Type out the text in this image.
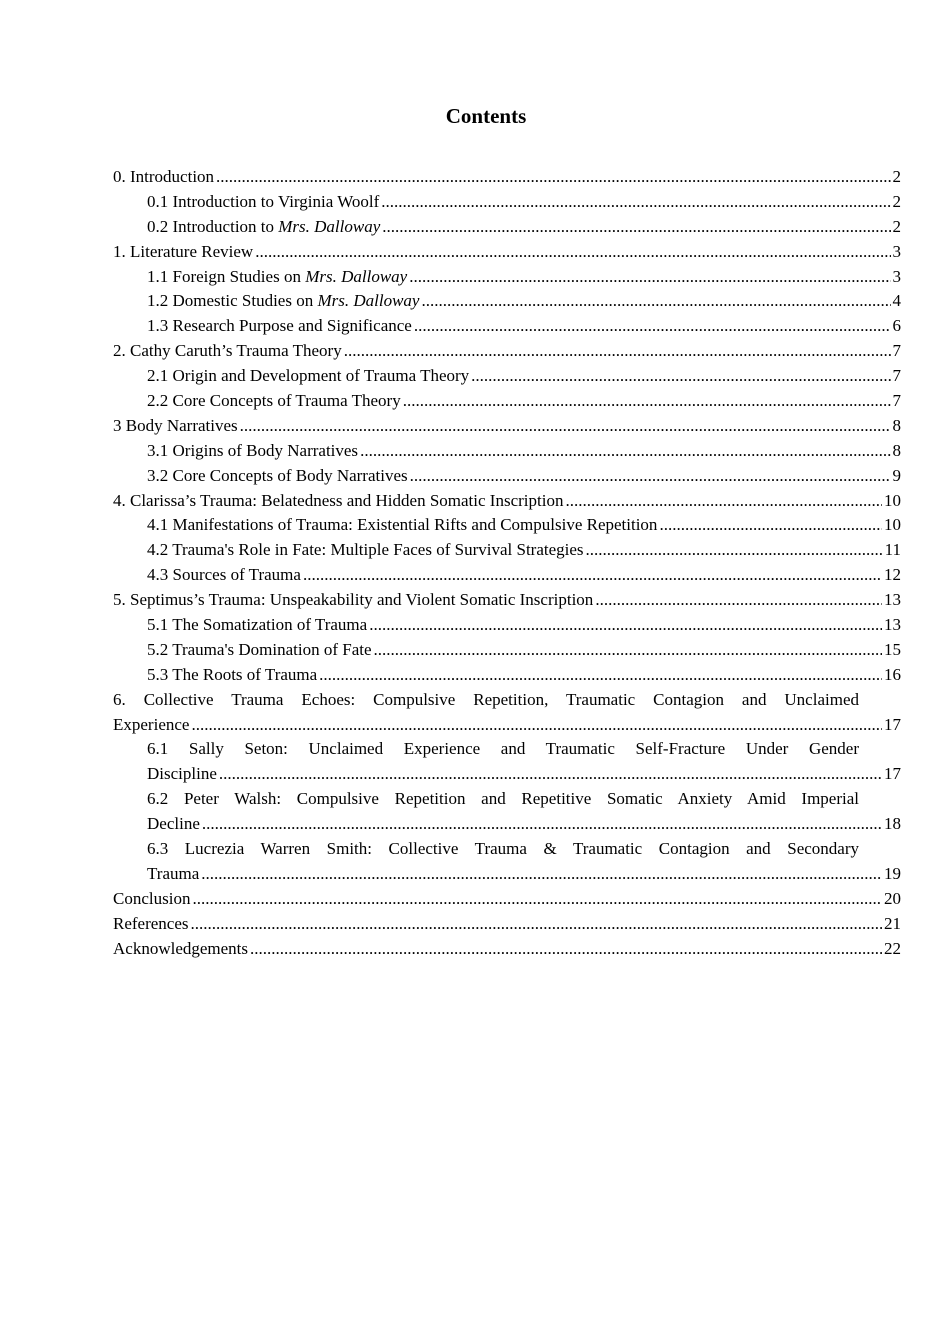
Contents
0. Introduction .....	2
0.1 Introduction to Virginia Woolf .....	2
0.2 Introduction to Mrs. Dalloway .....	2
1. Literature Review .....	3
1.1 Foreign Studies on Mrs. Dalloway .....	3
1.2 Domestic Studies on Mrs. Dalloway .....	4
1.3 Research Purpose and Significance .....	6
2. Cathy Caruth’s Trauma Theory .....	7
2.1 Origin and Development of Trauma Theory .....	7
2.2 Core Concepts of Trauma Theory .....	7
3 Body Narratives .....	8
3.1 Origins of Body Narratives .....	8
3.2 Core Concepts of Body Narratives .....	9
4. Clarissa’s Trauma: Belatedness and Hidden Somatic Inscription .....	10
4.1 Manifestations of Trauma: Existential Rifts and Compulsive Repetition .....	10
4.2 Trauma's Role in Fate: Multiple Faces of Survival Strategies .....	11
4.3 Sources of Trauma .....	12
5. Septimus’s Trauma: Unspeakability and Violent Somatic Inscription .....	13
5.1 The Somatization of Trauma .....	13
5.2 Trauma's Domination of Fate .....	15
5.3 The Roots of Trauma .....	16
6. Collective Trauma Echoes: Compulsive Repetition, Traumatic Contagion and Unclaimed
Experience .....	17
6.1 Sally Seton: Unclaimed Experience and Traumatic Self-Fracture Under Gender
Discipline .....	17
6.2 Peter Walsh: Compulsive Repetition and Repetitive Somatic Anxiety Amid Imperial
Decline .....	18
6.3 Lucrezia Warren Smith: Collective Trauma & Traumatic Contagion and Secondary
Trauma .....	19
Conclusion .....	20
References .....	21
Acknowledgements .....	22
